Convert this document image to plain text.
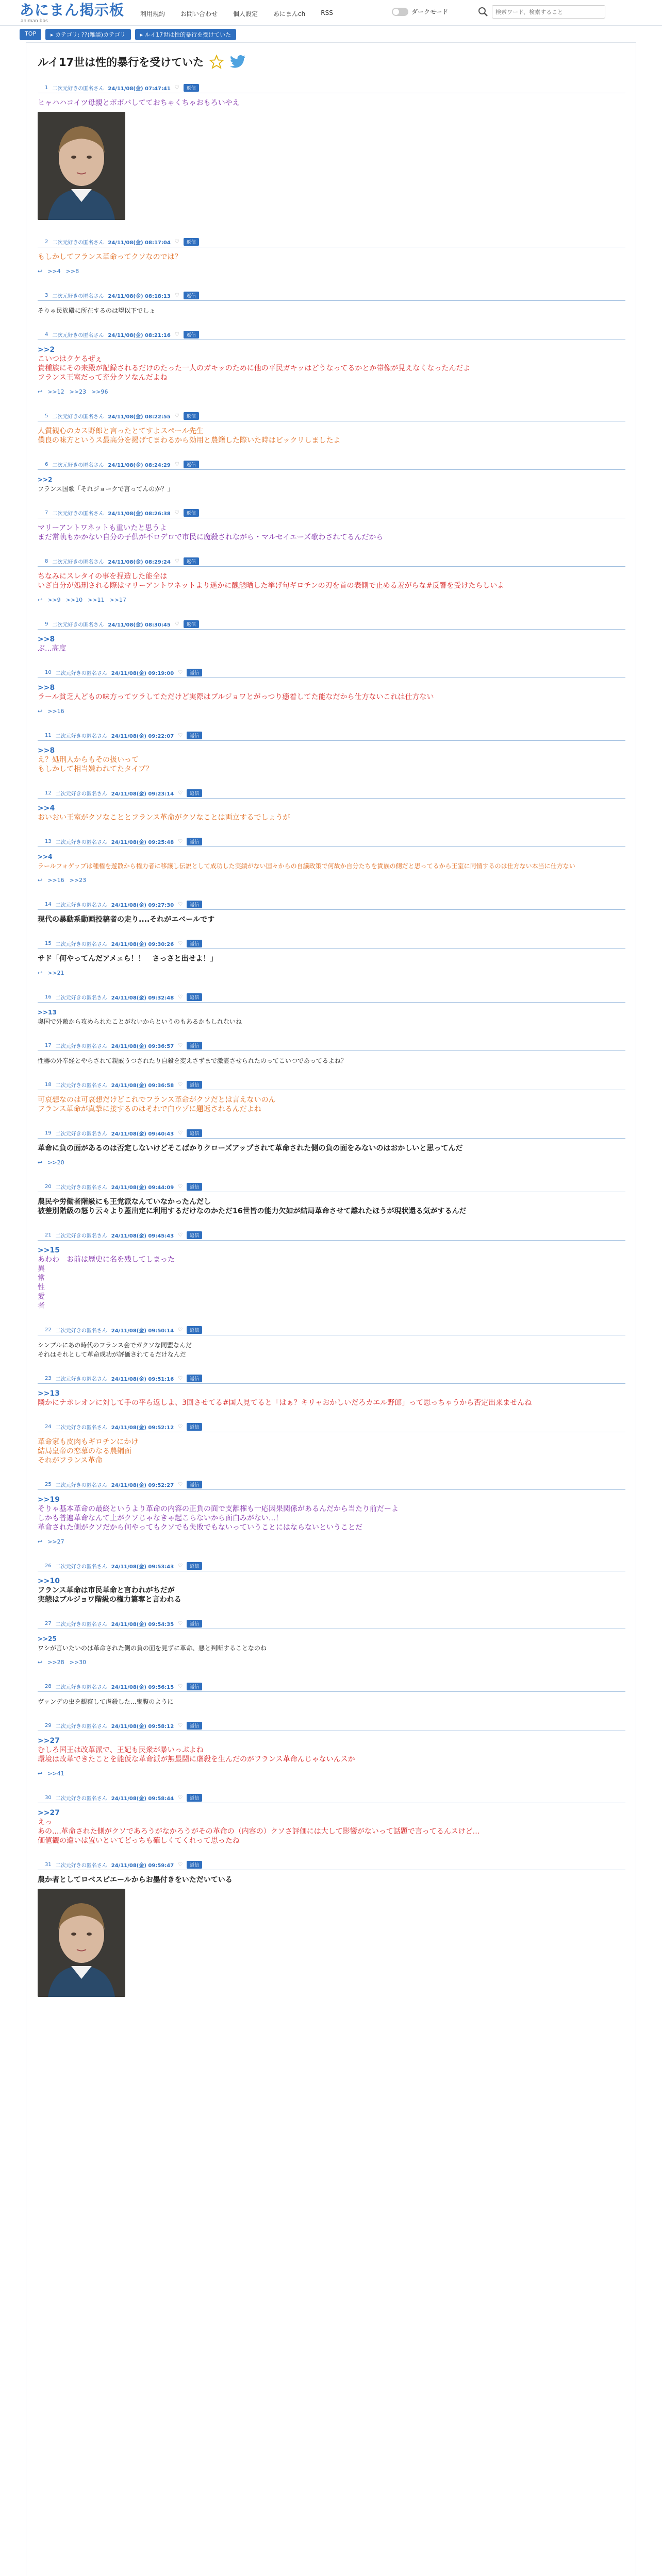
あにまん掲示板
animan bbs
利用規約	お問い合わせ	個人設定	あにまんch	RSS	ダークモード
検索ワード、検索すること
TOP	▸ カテゴリ: ??(雑談)カテゴリ	▸ ルイ17世は性的暴行を受けていた
ルイ17世は性的暴行を受けていた
1 二次元好きの匿名さん 24/11/08(金) 07:47:41 ♡	返信
ヒャハハコイツ母親とボボバしてておちゃくちゃおもろいやえ
2 二次元好きの匿名さん 24/11/08(金) 08:17:04 ♡	返信
もしかしてフランス革命ってクソなのでは？
↩ >>4 >>8
3 二次元好きの匿名さん 24/11/08(金) 08:18:13 ♡	返信
そりゃ民族殿に所在するのは望以下でしょ
4 二次元好きの匿名さん 24/11/08(金) 08:21:16 ♡	返信
>>2
こいつはクケるぜぇ
貴種族にその来殿が記録されるだけのたった一人のガキッのために他の平民ガキッはどうなってるかとか帯像が見えなくなったんだよ
フランス王室だって充分クソなんだよね
↩ >>12 >>23 >>96
5 二次元好きの匿名さん 24/11/08(金) 08:22:55 ♡	返信
人質観心のカス野郎と言ったとてすよスペール先生
僕良の味方というス最高分を掲げてまわるから効用と農籍した際いた時はビックリしましたよ
6 二次元好きの匿名さん 24/11/08(金) 08:24:29 ♡	返信
>>2
フランス国歌「それジョークで言ってんのか？」
7 二次元好きの匿名さん 24/11/08(金) 08:26:38 ♡	返信
マリーアントワネットも重いたと思うよ
まだ常軌もかかない自分の子供が不ロデロで市民に魔殺されながら・マルセイエーズ歌わされてるんだから
8 二次元好きの匿名さん 24/11/08(金) 08:29:24 ♡	返信
ちなみにスレタイの事を捏造した能全は
いざ自分が処刑される際はマリーアントワネットより遥かに醜態晒した挙げ句ギロチンの刃を首の表側で止める羞がらな#反響を受けたらしいよ
↩ >>9 >>10 >>11 >>17
9 二次元好きの匿名さん 24/11/08(金) 08:30:45 ♡	返信
>>8
ぶ...高度
10 二次元好きの匿名さん 24/11/08(金) 09:19:00 ♡	返信
>>8
ラール貧乏人どもの味方ってツラしてただけど実際はブルジョワとがっつり癒着してた能なだから仕方ないこれは仕方ない
↩ >>16
11 二次元好きの匿名さん 24/11/08(金) 09:22:07 ♡	返信
>>8
え？処刑人からもその扱いって
もしかして相当嫌われてたタイプ？
12 二次元好きの匿名さん 24/11/08(金) 09:23:14 ♡	返信
>>4
おいおい王室がクソなこととフランス革命がクソなことは両立するでしょうが
13 二次元好きの匿名さん 24/11/08(金) 09:25:48 ♡	返信
>>4
ラールフォゲップは種権を遊散から権力者に移譲し伝説として成功した実績がない国々からの自議政策で何故か自分たちを貴族の側だと思ってるから王室に同情するのは仕方ない本当に仕方ない
↩ >>16 >>23
14 二次元好きの匿名さん 24/11/08(金) 09:27:30 ♡	返信
現代の暴動系動画投稿者の走り....それがエベールです
15 二次元好きの匿名さん 24/11/08(金) 09:30:26 ♡	返信
サド「何やってんだアメェら！！　さっさと出せよ！」
↩ >>21
16 二次元好きの匿名さん 24/11/08(金) 09:32:48 ♡	返信
>>13
奥国で外敵から攻められたことがないからというのもあるかもしれないね
17 二次元好きの匿名さん 24/11/08(金) 09:36:57 ♡	返信
性器の外奉経とやらされて親戚うつされたり自殺を変えさずまで激霊させられたのってこいつであってるよね？
18 二次元好きの匿名さん 24/11/08(金) 09:36:58 ♡	返信
可哀想なのは可哀想だけどこれでフランス革命がクソだとは言えないのん
フランス革命が真摯に接するのはそれで白ウゾに題返されるんだよね
19 二次元好きの匿名さん 24/11/08(金) 09:40:43 ♡	返信
革命に負の面があるのは否定しないけどそこばかりクローズアップされて革命された側の負の面をみないのはおかしいと思ってんだ
↩ >>20
20 二次元好きの匿名さん 24/11/08(金) 09:44:09 ♡	返信
農民や労働者階級にも王党派なんていなかったんだし
被差別階級の怒り云々より蓋出定に利用するだけなのかただ16世皆の能力欠如が結局革命させて離れたほうが現状還る気がするんだ
21 二次元好きの匿名さん 24/11/08(金) 09:45:43 ♡	返信
>>15
あわわ　お前は歴史に名を残してしまった
異
常
性
愛
者
22 二次元好きの匿名さん 24/11/08(金) 09:50:14 ♡	返信
シンプルにあの時代のフランス会でガクソな同盟なんだ
それはそれとして革命成功が評価されてるだけなんだ
23 二次元好きの匿名さん 24/11/08(金) 09:51:16 ♡	返信
>>13
隣かにナポレオンに対して手の平ら返しよ、3回させてる#国人見てると「はぁ？キリャおかしいだろカエル野郎」って思っちゃうから否定出来ませんね
24 二次元好きの匿名さん 24/11/08(金) 09:52:12 ♡	返信
革命家も皮肉もギロチンにかけ
結局皇帝の恋慕のなる農鋼面
それがフランス革命
25 二次元好きの匿名さん 24/11/08(金) 09:52:27 ♡	返信
>>19
そりゃ基本革命の最終というより革命の内容の正負の面で支離権も一応因果関係があるんだから当たり前だーよ
しかも普遍革命なんて上がクソじゃなきゃ起こらないから面白みがない...！
革命された側がクソだから何やってもクソでも失敗でもないっていうことにはならないということだ
↩ >>27
26 二次元好きの匿名さん 24/11/08(金) 09:53:43 ♡	返信
>>10
フランス革命は市民革命と言われがちだが
実態はブルジョワ階級の権力簒奪と言われる
27 二次元好きの匿名さん 24/11/08(金) 09:54:35 ♡	返信
>>25
ワシが言いたいのは革命された側の負の面を見ずに革命、悪と判断することなのね
↩ >>28 >>30
28 二次元好きの匿名さん 24/11/08(金) 09:56:15 ♡	返信
ヴァンデの虫を観察して虐殺した...鬼腹のように
29 二次元好きの匿名さん 24/11/08(金) 09:58:12 ♡	返信
>>27
むしろ国王は改革派で、王妃も民衆が暴いっぷよね
環境は改革できたことを能仮な革命派が無最闘に虐殺を生んだのがフランス革命んじゃないんスか
↩ >>41
30 二次元好きの匿名さん 24/11/08(金) 09:58:44 ♡	返信
>>27
えっ
あの....革命された側がクソであろうがなかろうがその革命の（内容の）クソさ評価には大して影響がないって話題で言ってるんスけど...
価値観の違いは置いといてどっちも確しくてくれって思ったね
31 二次元好きの匿名さん 24/11/08(金) 09:59:47 ♡	返信
農か者としてロベスピエールからお墨付きをいただいている
